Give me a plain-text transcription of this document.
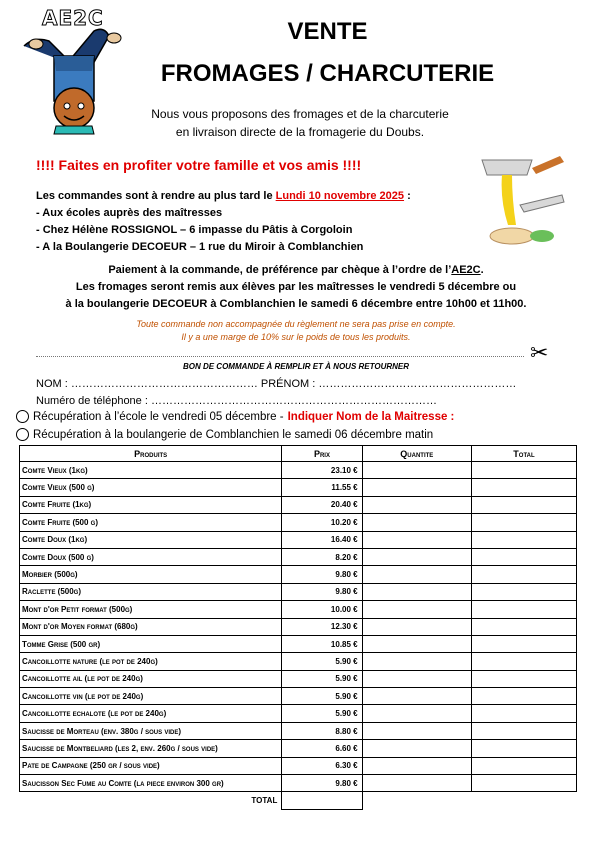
AE2C	VENTE
FROMAGES / CHARCUTERIE
Nous vous proposons des fromages et de la charcuterie
en livraison directe de la fromagerie du Doubs.
!!!! Faites en profiter votre famille et vos amis !!!!
Les commandes sont à rendre au plus tard le Lundi 10 novembre 2025 :
- Aux écoles auprès des maîtresses
- Chez Hélène ROSSIGNOL – 6 impasse du Pâtis à Corgoloin
- A la Boulangerie DECOEUR – 1 rue du Miroir à Comblanchien
Paiement à la commande, de préférence par chèque à l’ordre de l’AE2C.
Les fromages seront remis aux élèves par les maîtresses le vendredi 5 décembre ou
à la boulangerie DECOEUR à Comblanchien le samedi 6 décembre entre 10h00 et 11h00.
Toute commande non accompagnée du règlement ne sera pas prise en compte.
Il y a une marge de 10% sur le poids de tous les produits.
✂
BON DE COMMANDE À REMPLIR ET À NOUS RETOURNER
NOM : …………………………………………… PRÉNOM : ………………………………………………
Numéro de téléphone : ……………………………………………………………………
Récupération à l’école le vendredi 05 décembre - Indiquer Nom de la Maitresse :
Récupération à la boulangerie de Comblanchien le samedi 06 décembre matin
Produits	Prix	Quantite	Total
Comte Vieux (1kg)	23.10 €		
Comte Vieux (500 g)	11.55 €		
Comte Fruite (1kg)	20.40 €		
Comte Fruite (500 g)	10.20 €		
Comte Doux (1kg)	16.40 €		
Comte Doux (500 g)	8.20 €		
Morbier (500g)	9.80 €		
Raclette (500g)	9.80 €		
Mont d'or Petit format (500g)	10.00 €		
Mont d'or Moyen format (680g)	12.30 €		
Tomme Grise (500 gr)	10.85 €		
Cancoillotte nature (le pot de 240g)	5.90 €		
Cancoillotte ail (le pot de 240g)	5.90 €		
Cancoillotte vin (le pot de 240g)	5.90 €		
Cancoillotte echalote (le pot de 240g)	5.90 €		
Saucisse de Morteau (env. 380g / sous vide)	8.80 €		
Saucisse de Montbeliard (les 2, env. 260g / sous vide)	6.60 €		
Pate de Campagne (250 gr / sous vide)	6.30 €		
Saucisson Sec Fume au Comte (la piece environ 300 gr)	9.80 €		
TOTAL			
